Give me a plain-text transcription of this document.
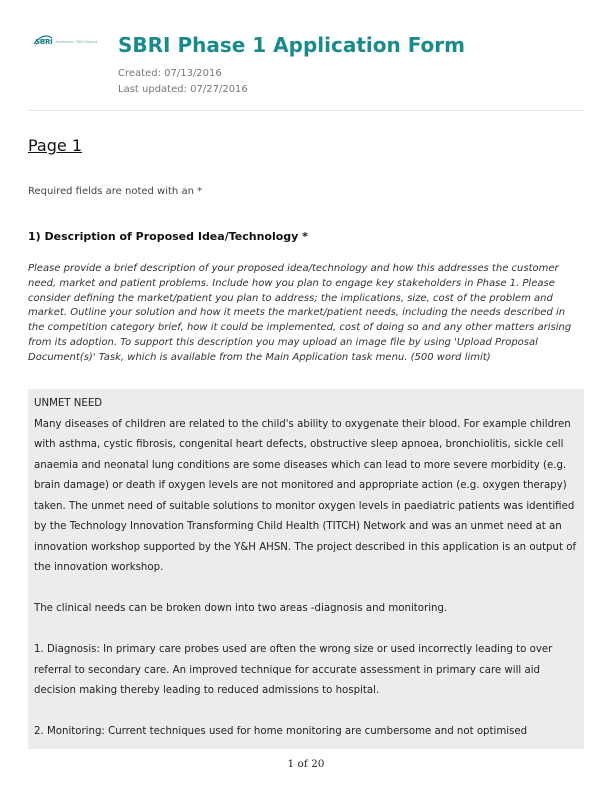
SBRI Healthcare · NHS England SBRI Phase 1 Application Form
Created: 07/13/2016
Last updated: 07/27/2016
Page 1
Required fields are noted with an *
1) Description of Proposed Idea/Technology *
Please provide a brief description of your proposed idea/technology and how this addresses the customer need, market and patient problems. Include how you plan to engage key stakeholders in Phase 1. Please consider defining the market/patient you plan to address; the implications, size, cost of the problem and market. Outline your solution and how it meets the market/patient needs, including the needs described in the competition category brief, how it could be implemented, cost of doing so and any other matters arising from its adoption. To support this description you may upload an image file by using 'Upload Proposal Document(s)' Task, which is available from the Main Application task menu. (500 word limit)

UNMET NEED

Many diseases of children are related to the child's ability to oxygenate their blood. For example children with asthma, cystic fibrosis, congenital heart defects, obstructive sleep apnoea, bronchiolitis, sickle cell anaemia and neonatal lung conditions are some diseases which can lead to more severe morbidity (e.g. brain damage) or death if oxygen levels are not monitored and appropriate action (e.g. oxygen therapy) taken. The unmet need of suitable solutions to monitor oxygen levels in paediatric patients was identified by the Technology Innovation Transforming Child Health (TITCH) Network and was an unmet need at an innovation workshop supported by the Y&H AHSN. The project described in this application is an output of the innovation workshop.

The clinical needs can be broken down into two areas -diagnosis and monitoring.

1. Diagnosis: In primary care probes used are often the wrong size or used incorrectly leading to over referral to secondary care. An improved technique for accurate assessment in primary care will aid decision making thereby leading to reduced admissions to hospital.

2. Monitoring: Current techniques used for home monitoring are cumbersome and not optimised

1 of 20
